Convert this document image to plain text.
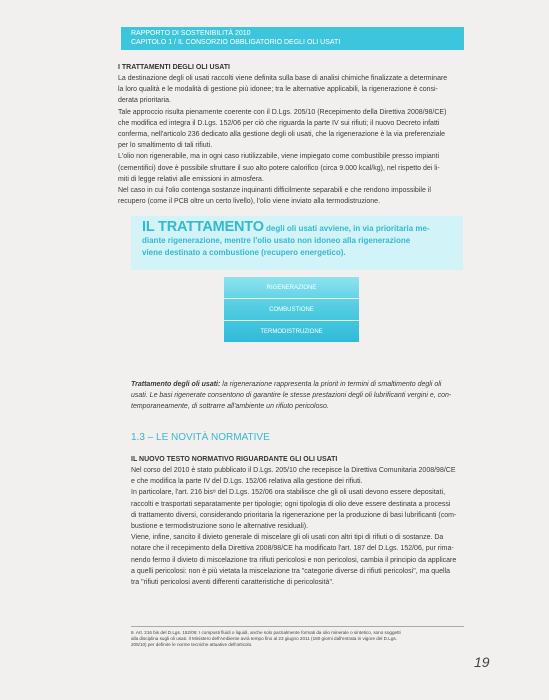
RAPPORTO DI SOSTENIBILITÀ 2010
CAPITOLO 1 / IL CONSORZIO OBBLIGATORIO DEGLI OLI USATI
I TRATTAMENTI DEGLI OLI USATI
La destinazione degli oli usati raccolti viene definita sulla base di analisi chimiche finalizzate a determinare
la loro qualità e le modalità di gestione più idonee; tra le alternative applicabili, la rigenerazione è consi-
derata prioritaria.
Tale approccio risulta pienamente coerente con il D.Lgs. 205/10 (Recepimento della Direttiva 2008/98/CE)
che modifica ed integra il D.Lgs. 152/06 per ciò che riguarda la parte IV sui rifiuti; il nuovo Decreto infatti
conferma, nell'articolo 236 dedicato alla gestione degli oli usati, che la rigenerazione è la via preferenziale
per lo smaltimento di tali rifiuti.
L'olio non rigenerabile, ma in ogni caso riutilizzabile, viene impiegato come combustibile presso impianti
(cementifici) dove è possibile sfruttare il suo alto potere calorifico (circa 9.000 kcal/kg), nel rispetto dei li-
miti di legge relativi alle emissioni in atmosfera.
Nel caso in cui l'olio contenga sostanze inquinanti difficilmente separabili e che rendono impossibile il
recupero (come il PCB oltre un certo livello), l'olio viene inviato alla termodistruzione.
IL TRATTAMENTO degli oli usati avviene, in via prioritaria me-
diante rigenerazione, mentre l'olio usato non idoneo alla rigenerazione
viene destinato a combustione (recupero energetico).
RIGENERAZIONE
COMBUSTIONE
TERMODISTRUZIONE
Trattamento degli oli usati: la rigenerazione rappresenta la priorit in termini di smaltimento degli oli
usati. Le basi rigenerate consentono di garantire le stesse prestazioni degli oli lubrificanti vergini e, con-
temporaneamente, di sottrarre all'ambiente un rifiuto pericoloso.
1.3 – LE NOVITÀ NORMATIVE
IL NUOVO TESTO NORMATIVO RIGUARDANTE GLI OLI USATI
Nel corso del 2010 è stato pubblicato il D.Lgs. 205/10 che recepisce la Direttiva Comunitaria 2008/98/CE
e che modifica la parte IV del D.Lgs. 152/06 relativa alla gestione dei rifiuti.
In particolare, l'art. 216 bis⁸ del D.Lgs. 152/06 ora stabilisce che gli oli usati devono essere depositati,
raccolti e trasportati separatamente per tipologie; ogni tipologia di olio deve essere destinata a processi
di trattamento diversi, considerando prioritaria la rigenerazione per la produzione di basi lubrificanti (com-
bustione e termodistruzione sono le alternative residuali).
Viene, infine, sancito il divieto generale di miscelare gli oli usati con altri tipi di rifiuti o di sostanze. Da
notare che il recepimento della Direttiva 2008/98/CE ha modificato l'art. 187 del D.Lgs. 152/06, pur rima-
nendo fermo il divieto di miscelazione tra rifiuti pericolosi e non pericolosi, cambia il principio da applicare
a quelli pericolosi: non è più vietata la miscelazione tra "categorie diverse di rifiuti pericolosi", ma quella
tra "rifiuti pericolosi aventi differenti caratteristiche di pericolosità".
8. Art. 216 bis del D.Lgs. 152/06: I composti fluidi o liquidi, anche solo parzialmente formati da olio minerale o sintetico, sono soggetti
alla disciplina sugli oli usati. Il Ministero dell'Ambiente avrà tempo fino al 23 giugno 2011 (180 giorni dall'entrata in vigore del D.Lgs.
205/10) per definire le norme tecniche attuative dell'articolo.
19
